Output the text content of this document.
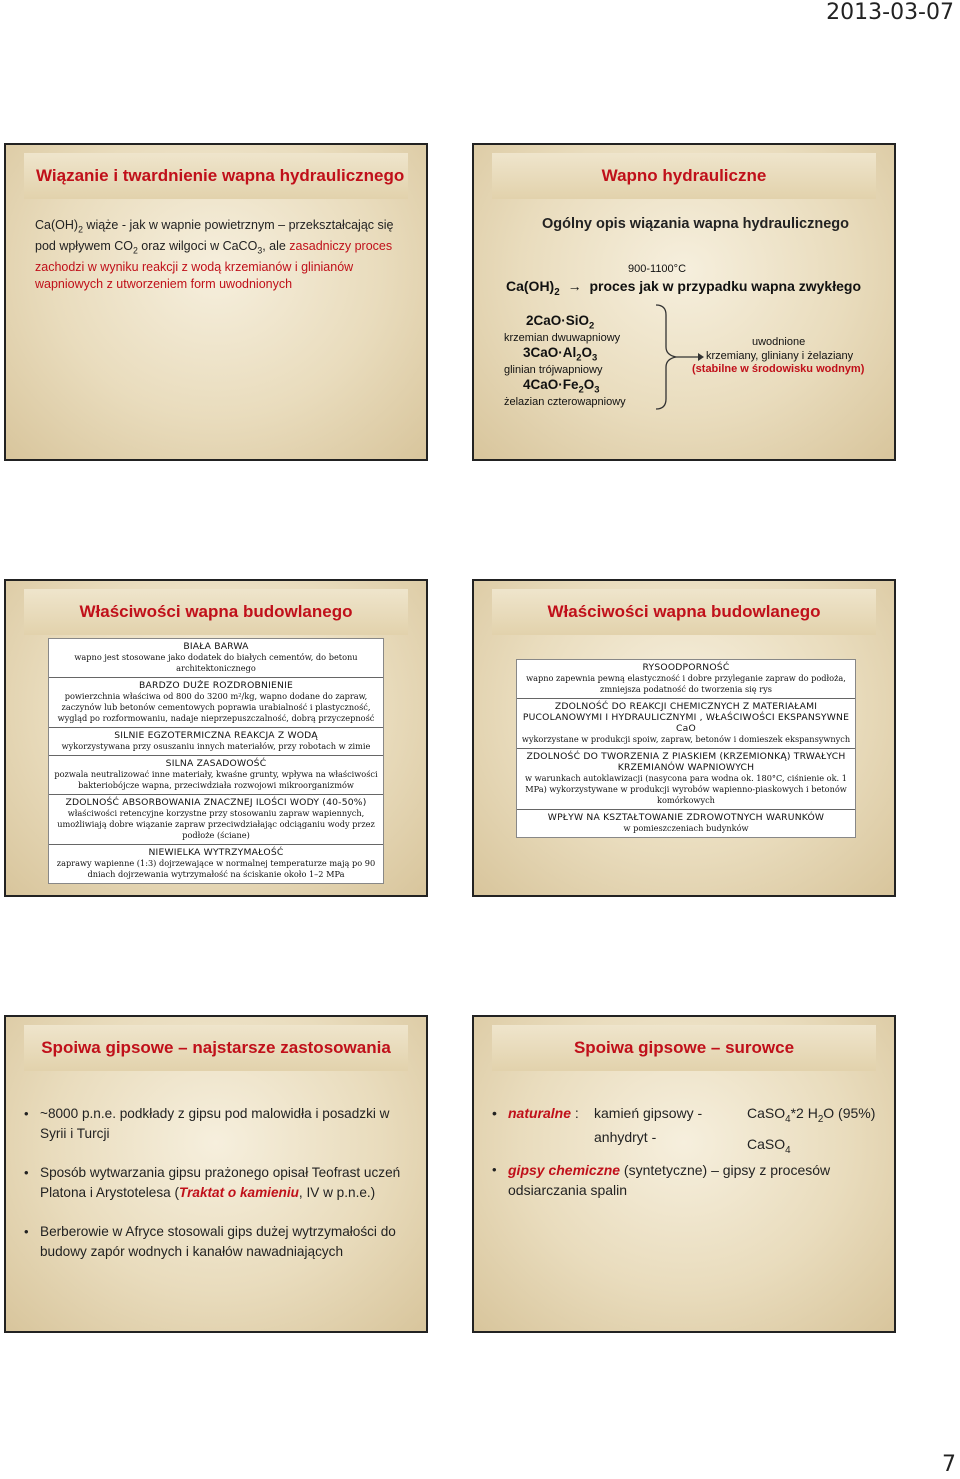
2013-03-07
Wiązanie i twardnienie wapna hydraulicznego
$Ca(OH)_2$ wiąże - jak w wapnie powietrznym – przekształcając się pod wpływem $CO_2$ oraz wilgoci w CaCO$_3$, ale zasadniczy proces zachodzi w wyniku reakcji z wodą krzemianów i glinianów wapniowych z utworzeniem form uwodnionych
Wapno hydrauliczne
Ogólny opis wiązania wapna hydraulicznego
900-1100°C
$Ca(OH)_2$ → proces jak w przypadku wapna zwykłego
2CaO·SiO$_2$
krzemian dwuwapniowy
$3CaO\cdot Al_2O_3$
glinian trójwapniowy
$4CaO\cdot Fe_2O_3$
żelazian czterowapniowy
uwodnione
krzemiany, gliniany i żelaziany
(stabilne w środowisku wodnym)
Właściwości wapna budowlanego
BIAŁA BARWA
wapno jest stosowane jako dodatek do białych cementów, do betonu architektonicznego
BARDZO DUŻE ROZDROBNIENIE
powierzchnia właściwa od 800 do 3200 m²/kg, wapno dodane do zapraw, zaczynów lub betonów cementowych poprawia urabialność i plastyczność, wygląd po rozformowaniu, nadaje nieprzepuszczalność, dobrą przyczepność
SILNIE EGZOTERMICZNA REAKCJA Z WODĄ
wykorzystywana przy osuszaniu innych materiałów, przy robotach w zimie
SILNA ZASADOWOŚĆ
pozwala neutralizować inne materiały, kwaśne grunty, wpływa na właściwości bakteriobójcze wapna, przeciwdziała rozwojowi mikroorganizmów
ZDOLNOŚĆ ABSORBOWANIA ZNACZNEJ ILOŚCI WODY (40-50%)
właściwości retencyjne korzystne przy stosowaniu zapraw wapiennych, umożliwiają dobre wiązanie zapraw przeciwdziałając odciąganiu wody przez podłoże (ściane)
NIEWIELKA WYTRZYMAŁOŚĆ
zaprawy wapienne (1:3) dojrzewające w normalnej temperaturze mają po 90 dniach dojrzewania wytrzymałość na ściskanie około 1–2 MPa
Właściwości wapna budowlanego
RYSOODPORNOŚĆ
wapno zapewnia pewną elastyczność i dobre przyleganie zapraw do podłoża, zmniejsza podatność do tworzenia się rys
ZDOLNOŚĆ DO REAKCJI CHEMICZNYCH Z MATERIAŁAMI PUCOLANOWYMI I HYDRAULICZNYMI , WŁAŚCIWOŚCI EKSPANSYWNE CaO
wykorzystane w produkcji spoiw, zapraw, betonów i domieszek ekspansywnych
ZDOLNOŚĆ DO TWORZENIA Z PIASKIEM (KRZEMIONKĄ) TRWAŁYCH KRZEMIANÓW WAPNIOWYCH
w warunkach autoklawizacji (nasycona para wodna ok. 180°C, ciśnienie ok. 1 MPa) wykorzystywane w produkcji wyrobów wapienno-piaskowych i betonów komórkowych
WPŁYW NA KSZTAŁTOWANIE ZDROWOTNYCH WARUNKÓW
w pomieszczeniach budynków
Spoiwa gipsowe – najstarsze zastosowania
• ~8000 p.n.e. podkłady z gipsu pod malowidła i posadzki w Syrii i Turcji
• Sposób wytwarzania gipsu prażonego opisał Teofrast uczeń Platona i Arystotelesa (Traktat o kamieniu, IV w p.n.e.)
• Berberowie w Afryce stosowali gips dużej wytrzymałości do budowy zapór wodnych i kanałów nawadniających
Spoiwa gipsowe – surowce
• naturalne : kamień gipsowy -
anhydryt -
CaSO$_4$*2 $H_2O$ (95%)
CaSO$_4$
• gipsy chemiczne (syntetyczne) – gipsy z procesów odsiarczania spalin
7
